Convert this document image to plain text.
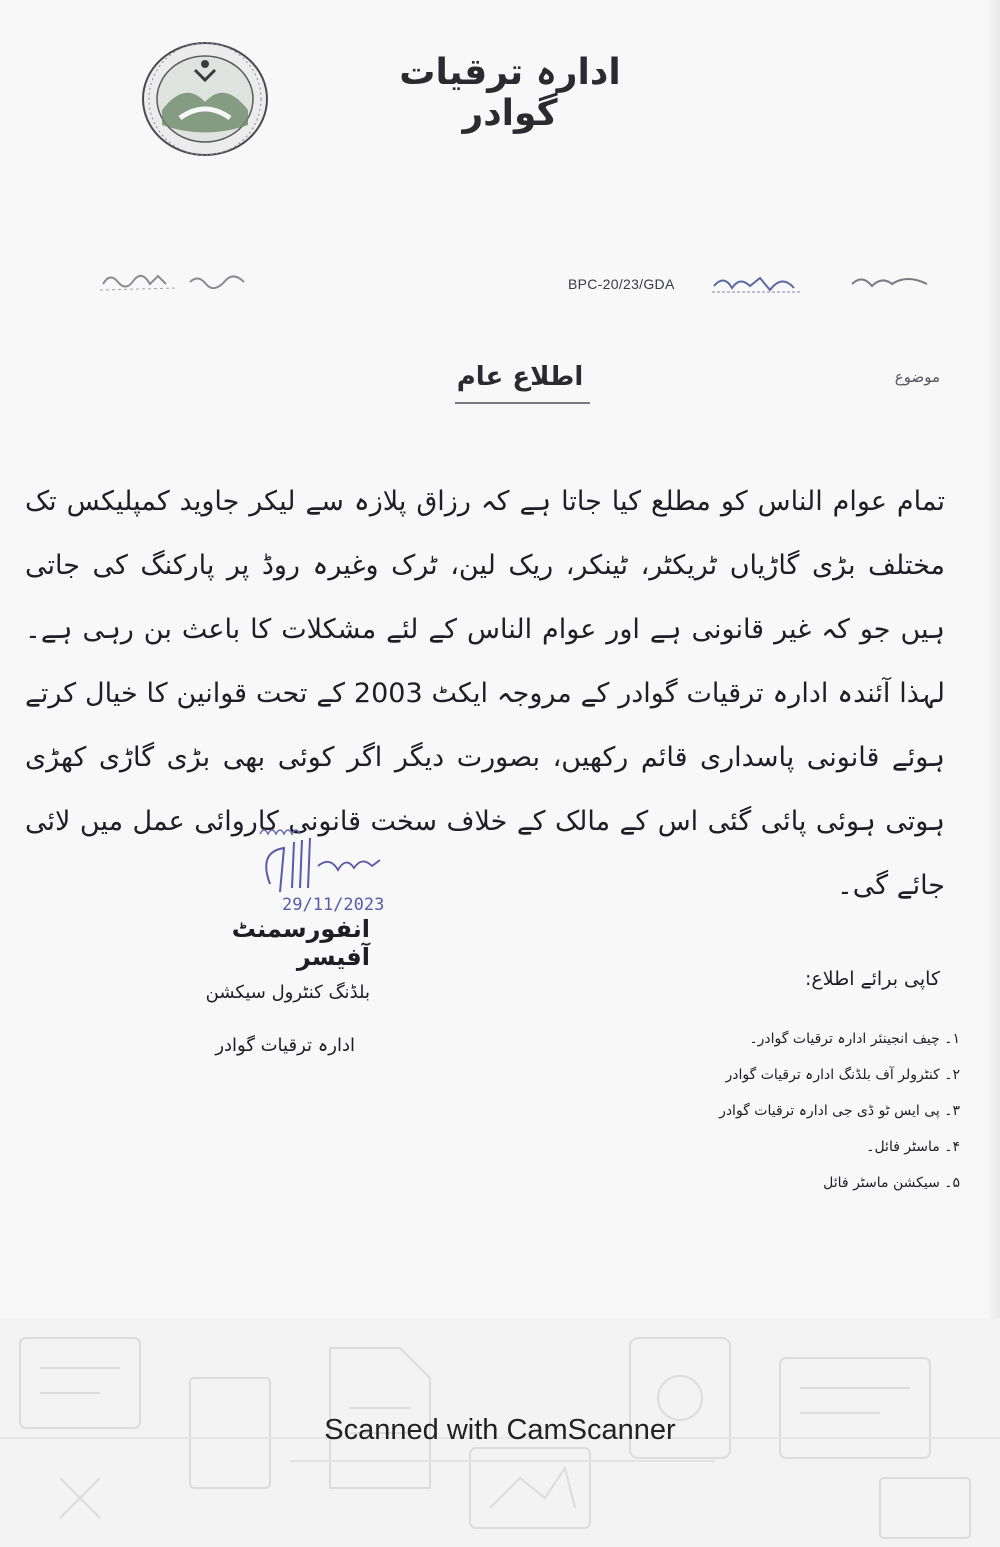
ادارہ ترقیات گوادر
BPC-20/23/GDA
موضوع
اطلاع عام
تمام عوام الناس کو مطلع کیا جاتا ہے کہ رزاق پلازہ سے لیکر جاوید کمپلیکس تک مختلف بڑی گاڑیاں ٹریکٹر، ٹینکر، ریک لین، ٹرک وغیرہ روڈ پر پارکنگ کی جاتی ہیں جو کہ غیر قانونی ہے اور عوام الناس کے لئے مشکلات کا باعث بن رہی ہے۔ لہذا آئندہ ادارہ ترقیات گوادر کے مروجہ ایکٹ 2003 کے تحت قوانین کا خیال کرتے ہوئے قانونی پاسداری قائم رکھیں، بصورت دیگر اگر کوئی بھی بڑی گاڑی کھڑی ہوتی ہوئی پائی گئی اس کے مالک کے خلاف سخت قانونی کاروائی عمل میں لائی جائے گی۔
29/11/2023
انفورسمنٹ آفیسر
بلڈنگ کنٹرول سیکشن
ادارہ ترقیات گوادر
کاپی برائے اطلاع:
۱۔ چیف انجینئر ادارہ ترقیات گوادر۔
۲۔ کنٹرولر آف بلڈنگ ادارہ ترقیات گوادر
۳۔ پی ایس ٹو ڈی جی ادارہ ترقیات گوادر
۴۔ ماسٹر فائل۔
۵۔ سیکشن ماسٹر فائل
Scanned with CamScanner
